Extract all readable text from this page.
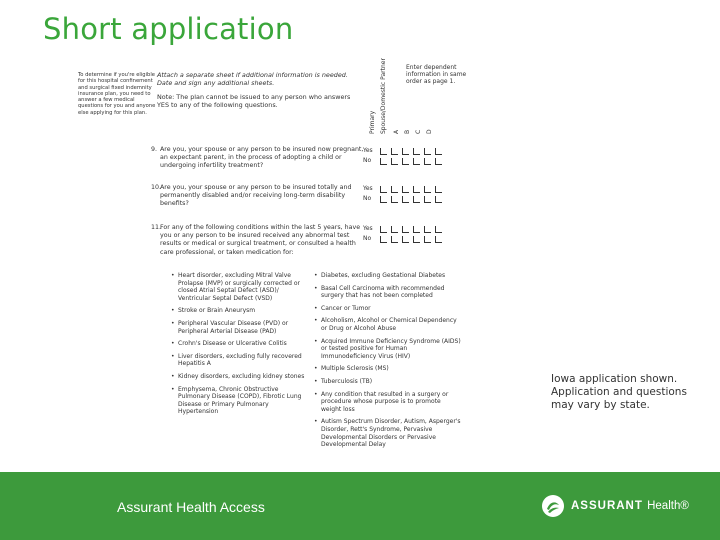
Short application
To determine if you're eligible for this hospital confinement and surgical fixed indemnity insurance plan, you need to answer a few medical questions for you and anyone else applying for this plan.
Attach a separate sheet if additional information is needed. Date and sign any additional sheets.
Note: The plan cannot be issued to any person who answers YES to any of the following questions.
Primary Spouse/Domestic Partner A B C D
Enter dependent information in same order as page 1.
9. Are you, your spouse or any person to be insured now pregnant, an expectant parent, in the process of adopting a child or undergoing infertility treatment?
Yes
No
10.
Are you, your spouse or any person to be insured totally and permanently disabled and/or receiving long-term disability benefits?
Yes
No
11.
For any of the following conditions within the last 5 years, have you or any person to be insured received any abnormal test results or medical or surgical treatment, or consulted a health care professional, or taken medication for:
Yes
No
• Heart disorder, excluding Mitral Valve Prolapse (MVP) or surgically corrected or closed Atrial Septal Defect (ASD)/ Ventricular Septal Defect (VSD)
• Stroke or Brain Aneurysm
• Peripheral Vascular Disease (PVD) or Peripheral Arterial Disease (PAD)
• Crohn's Disease or Ulcerative Colitis
• Liver disorders, excluding fully recovered Hepatitis A
• Kidney disorders, excluding kidney stones
• Emphysema, Chronic Obstructive Pulmonary Disease (COPD), Fibrotic Lung Disease or Primary Pulmonary Hypertension
• Diabetes, excluding Gestational Diabetes
• Basal Cell Carcinoma with recommended surgery that has not been completed
• Cancer or Tumor
• Alcoholism, Alcohol or Chemical Dependency or Drug or Alcohol Abuse
• Acquired Immune Deficiency Syndrome (AIDS) or tested positive for Human Immunodeficiency Virus (HIV)
• Multiple Sclerosis (MS)
• Tuberculosis (TB)
• Any condition that resulted in a surgery or procedure whose purpose is to promote weight loss
• Autism Spectrum Disorder, Autism, Asperger's Disorder, Rett's Syndrome, Pervasive Developmental Disorders or Pervasive Developmental Delay
Iowa application shown. Application and questions may vary by state.
Assurant Health Access	ASSURANT Health®
